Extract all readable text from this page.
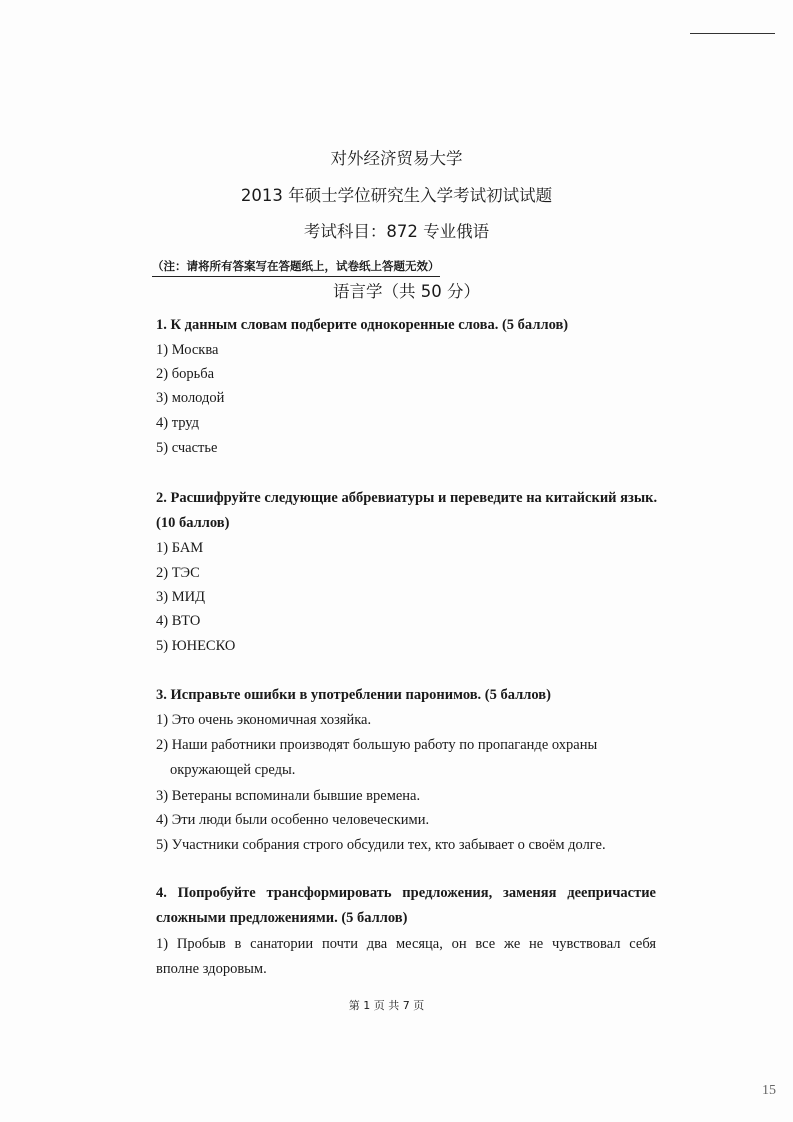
对外经济贸易大学
2013 年硕士学位研究生入学考试初试试题
考试科目：872 专业俄语
（注：请将所有答案写在答题纸上，试卷纸上答题无效）
语言学（共 50 分）
1. К данным словам подберите однокоренные слова. (5 баллов)
1) Москва
2) борьба
3) молодой
4) труд
5) счастье
2. Расшифруйте следующие аббревиатуры и переведите на китайский язык.
(10 баллов)
1) БАМ
2) ТЭС
3) МИД
4) ВТО
5) ЮНЕСКО
3. Исправьте ошибки в употреблении паронимов. (5 баллов)
1) Это очень экономичная хозяйка.
2) Наши работники производят большую работу по пропаганде охраны
окружающей среды.
3) Ветераны вспоминали бывшие времена.
4) Эти люди были особенно человеческими.
5) Участники собрания строго обсудили тех, кто забывает о своём долге.
4. Попробуйте трансформировать предложения, заменяя деепричастие
сложными предложениями. (5 баллов)
1) Пробыв в санатории почти два месяца, он все же не чувствовал себя
вполне здоровым.
第 1 页 共 7 页
15
